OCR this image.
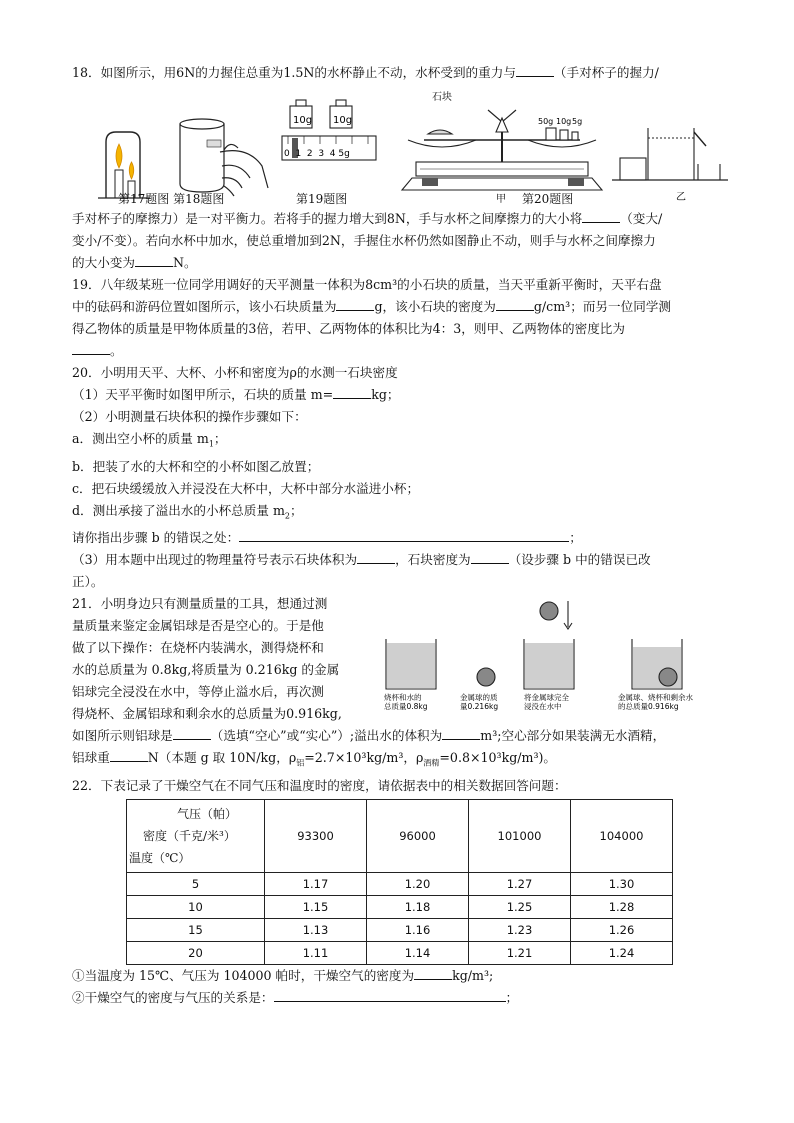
18．如图所示，用6N的力握住总重为1.5N的水杯静止不动，水杯受到的重力与	（手对杯子的握力/

10g 10g
0  1  2  3  4 5g
石块
50g 10g 5g
甲	乙
第17题图 第18题图	第19题图	第20题图

手对杯子的摩擦力）是一对平衡力。若将手的握力增大到8N，手与水杯之间摩擦力的大小将	（变大/

变小/不变）。若向水杯中加水，使总重增加到2N，手握住水杯仍然如图静止不动，则手与水杯之间摩擦力

的大小变为	N。

19．八年级某班一位同学用调好的天平测量一体积为8cm³的小石块的质量，当天平重新平衡时，天平右盘

中的砝码和游码位置如图所示，该小石块质量为	g，该小石块的密度为	g/cm³；而另一位同学测

得乙物体的质量是甲物体质量的3倍，若甲、乙两物体的体积比为4：3，则甲、乙两物体的密度比为

。

20．小明用天平、大杯、小杯和密度为ρ的水测一石块密度

（1）天平平衡时如图甲所示，石块的质量 m=	kg；

（2）小明测量石块体积的操作步骤如下：

a．测出空小杯的质量 $m_1$；

b．把装了水的大杯和空的小杯如图乙放置；

c．把石块缓缓放入并浸没在大杯中，大杯中部分水溢进小杯；

d．测出承接了溢出水的小杯总质量 $m_2$；

请你指出步骤 b 的错误之处：	；

（3）用本题中出现过的物理量符号表示石块体积为	，石块密度为	（设步骤 b 中的错误已改

正）。

21．小明身边只有测量质量的工具，想通过测

量质量来鉴定金属铝球是否是空心的。于是他

做了以下操作：在烧杯内装满水，测得烧杯和

水的总质量为 0.8kg,将质量为 0.216kg 的金属

铝球完全浸没在水中，等停止溢水后，再次测

得烧杯、金属铝球和剩余水的总质量为0.916kg,

烧杯和水的总质量0.8kg
金属球的质量0.216kg
将金属球完全浸没在水中
金属球、烧杯和剩余水的总质量0.916kg

如图所示则铝球是	（选填“空心”或“实心”）;溢出水的体积为	m³;空心部分如果装满无水酒精，

铝球重	N（本题 g 取 10N/kg，$\rho_铝=2.7\times 10^3kg/m^3$，$\rho_{酒精}=0.8\times 10^3kg/m^3$)。

22．下表记录了干燥空气在不同气压和温度时的密度，请依据表中的相关数据回答问题：

气压（帕）
密度（千克/米³）
温度（℃）	93300	96000	101000	104000
5	1.17	1.20	1.27	1.30
10	1.15	1.18	1.25	1.28
15	1.13	1.16	1.23	1.26
20	1.11	1.14	1.21	1.24

①当温度为 15℃、气压为 104000 帕时，干燥空气的密度为	kg/m³;

②干燥空气的密度与气压的关系是：	；
